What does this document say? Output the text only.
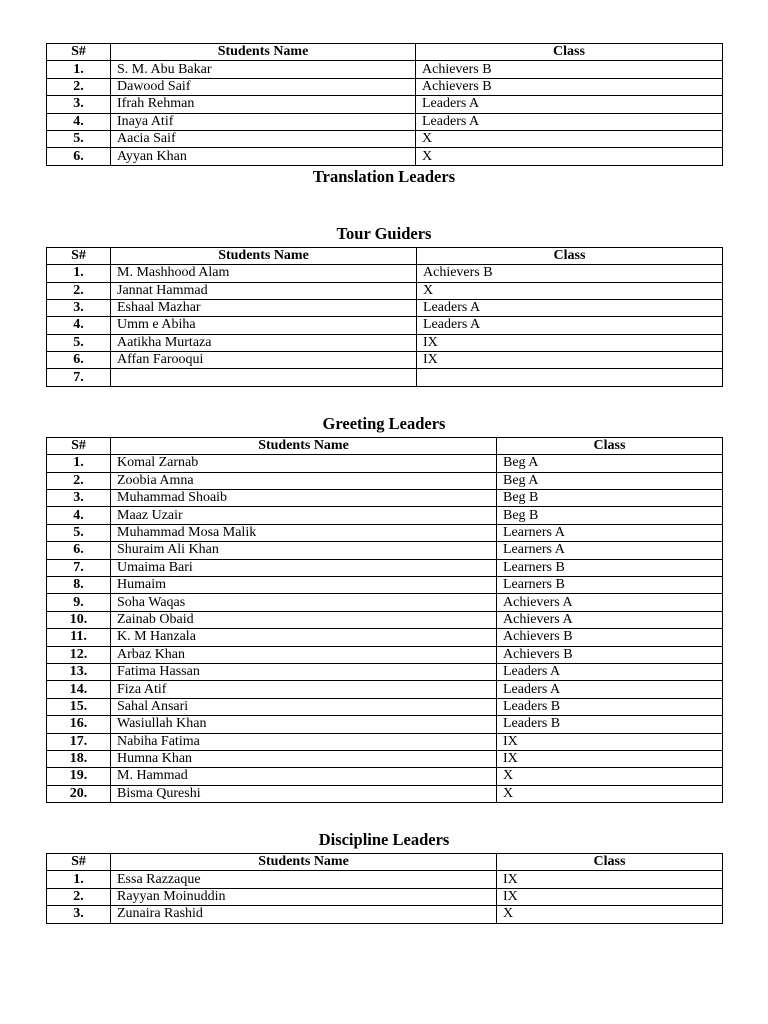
S#	Students Name	Class
1.	S. M. Abu Bakar	Achievers B
2.	Dawood Saif	Achievers B
3.	Ifrah Rehman	Leaders A
4.	Inaya Atif	Leaders A
5.	Aacia Saif	X
6.	Ayyan Khan	X
Translation Leaders
Tour Guiders
S#	Students Name	Class
1.	M. Mashhood Alam	Achievers B
2.	Jannat Hammad	X
3.	Eshaal Mazhar	Leaders A
4.	Umm e Abiha	Leaders A
5.	Aatikha Murtaza	IX
6.	Affan Farooqui	IX
7.		
Greeting Leaders
S#	Students Name	Class
1.	Komal Zarnab	Beg A
2.	Zoobia Amna	Beg A
3.	Muhammad Shoaib	Beg B
4.	Maaz Uzair	Beg B
5.	Muhammad Mosa Malik	Learners A
6.	Shuraim Ali Khan	Learners A
7.	Umaima Bari	Learners B
8.	Humaim	Learners B
9.	Soha Waqas	Achievers A
10.	Zainab Obaid	Achievers A
11.	K. M Hanzala	Achievers B
12.	Arbaz Khan	Achievers B
13.	Fatima Hassan	Leaders A
14.	Fiza Atif	Leaders A
15.	Sahal Ansari	Leaders B
16.	Wasiullah Khan	Leaders B
17.	Nabiha Fatima	IX
18.	Humna Khan	IX
19.	M. Hammad	X
20.	Bisma Qureshi	X
Discipline Leaders
S#	Students Name	Class
1.	Essa Razzaque	IX
2.	Rayyan Moinuddin	IX
3.	Zunaira Rashid	X
